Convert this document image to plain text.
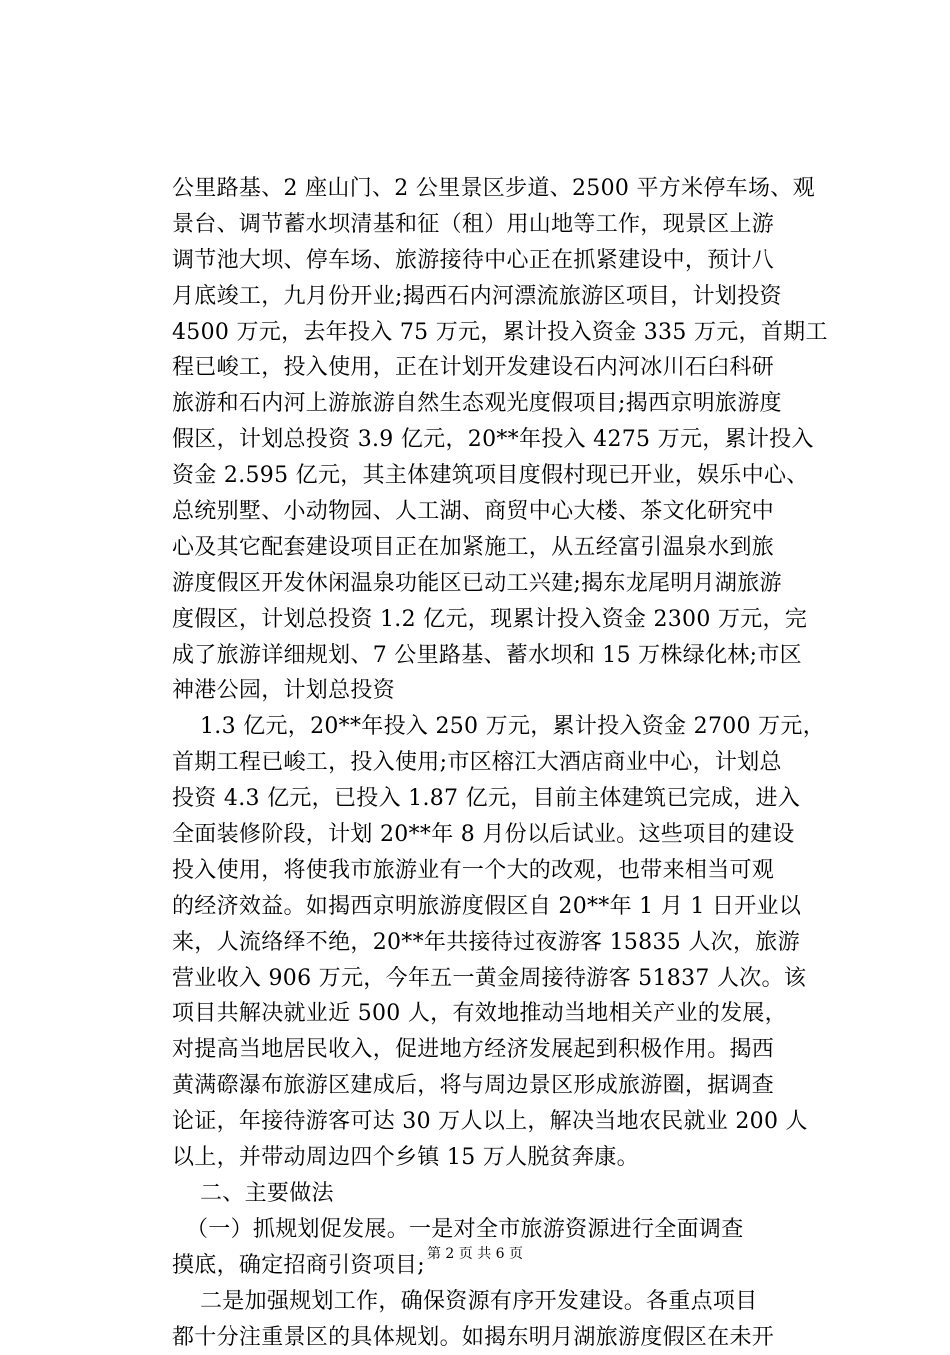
公里路基、2 座山门、2 公里景区步道、2500 平方米停车场、观
景台、调节蓄水坝清基和征（租）用山地等工作，现景区上游
调节池大坝、停车场、旅游接待中心正在抓紧建设中，预计八
月底竣工，九月份开业;揭西石内河漂流旅游区项目，计划投资
4500 万元，去年投入 75 万元，累计投入资金 335 万元，首期工
程已峻工，投入使用，正在计划开发建设石内河冰川石臼科研
旅游和石内河上游旅游自然生态观光度假项目;揭西京明旅游度
假区，计划总投资 3.9 亿元，20**年投入 4275 万元，累计投入
资金 2.595 亿元，其主体建筑项目度假村现已开业，娱乐中心、
总统别墅、小动物园、人工湖、商贸中心大楼、茶文化研究中
心及其它配套建设项目正在加紧施工，从五经富引温泉水到旅
游度假区开发休闲温泉功能区已动工兴建;揭东龙尾明月湖旅游
度假区，计划总投资 1.2 亿元，现累计投入资金 2300 万元，完
成了旅游详细规划、7 公里路基、蓄水坝和 15 万株绿化林;市区
神港公园，计划总投资
1.3 亿元，20**年投入 250 万元，累计投入资金 2700 万元，
首期工程已峻工，投入使用;市区榕江大酒店商业中心，计划总
投资 4.3 亿元，已投入 1.87 亿元，目前主体建筑已完成，进入
全面装修阶段，计划 20**年 8 月份以后试业。这些项目的建设
投入使用，将使我市旅游业有一个大的改观，也带来相当可观
的经济效益。如揭西京明旅游度假区自 20**年 1 月 1 日开业以
来，人流络绎不绝，20**年共接待过夜游客 15835 人次，旅游
营业收入 906 万元，今年五一黄金周接待游客 51837 人次。该
项目共解决就业近 500 人，有效地推动当地相关产业的发展，
对提高当地居民收入，促进地方经济发展起到积极作用。揭西
黄满磜瀑布旅游区建成后，将与周边景区形成旅游圈，据调查
论证，年接待游客可达 30 万人以上，解决当地农民就业 200 人
以上，并带动周边四个乡镇 15 万人脱贫奔康。
二、主要做法
（一）抓规划促发展。一是对全市旅游资源进行全面调查
摸底，确定招商引资项目;
二是加强规划工作，确保资源有序开发建设。各重点项目
都十分注重景区的具体规划。如揭东明月湖旅游度假区在未开
第 2 页 共 6 页
